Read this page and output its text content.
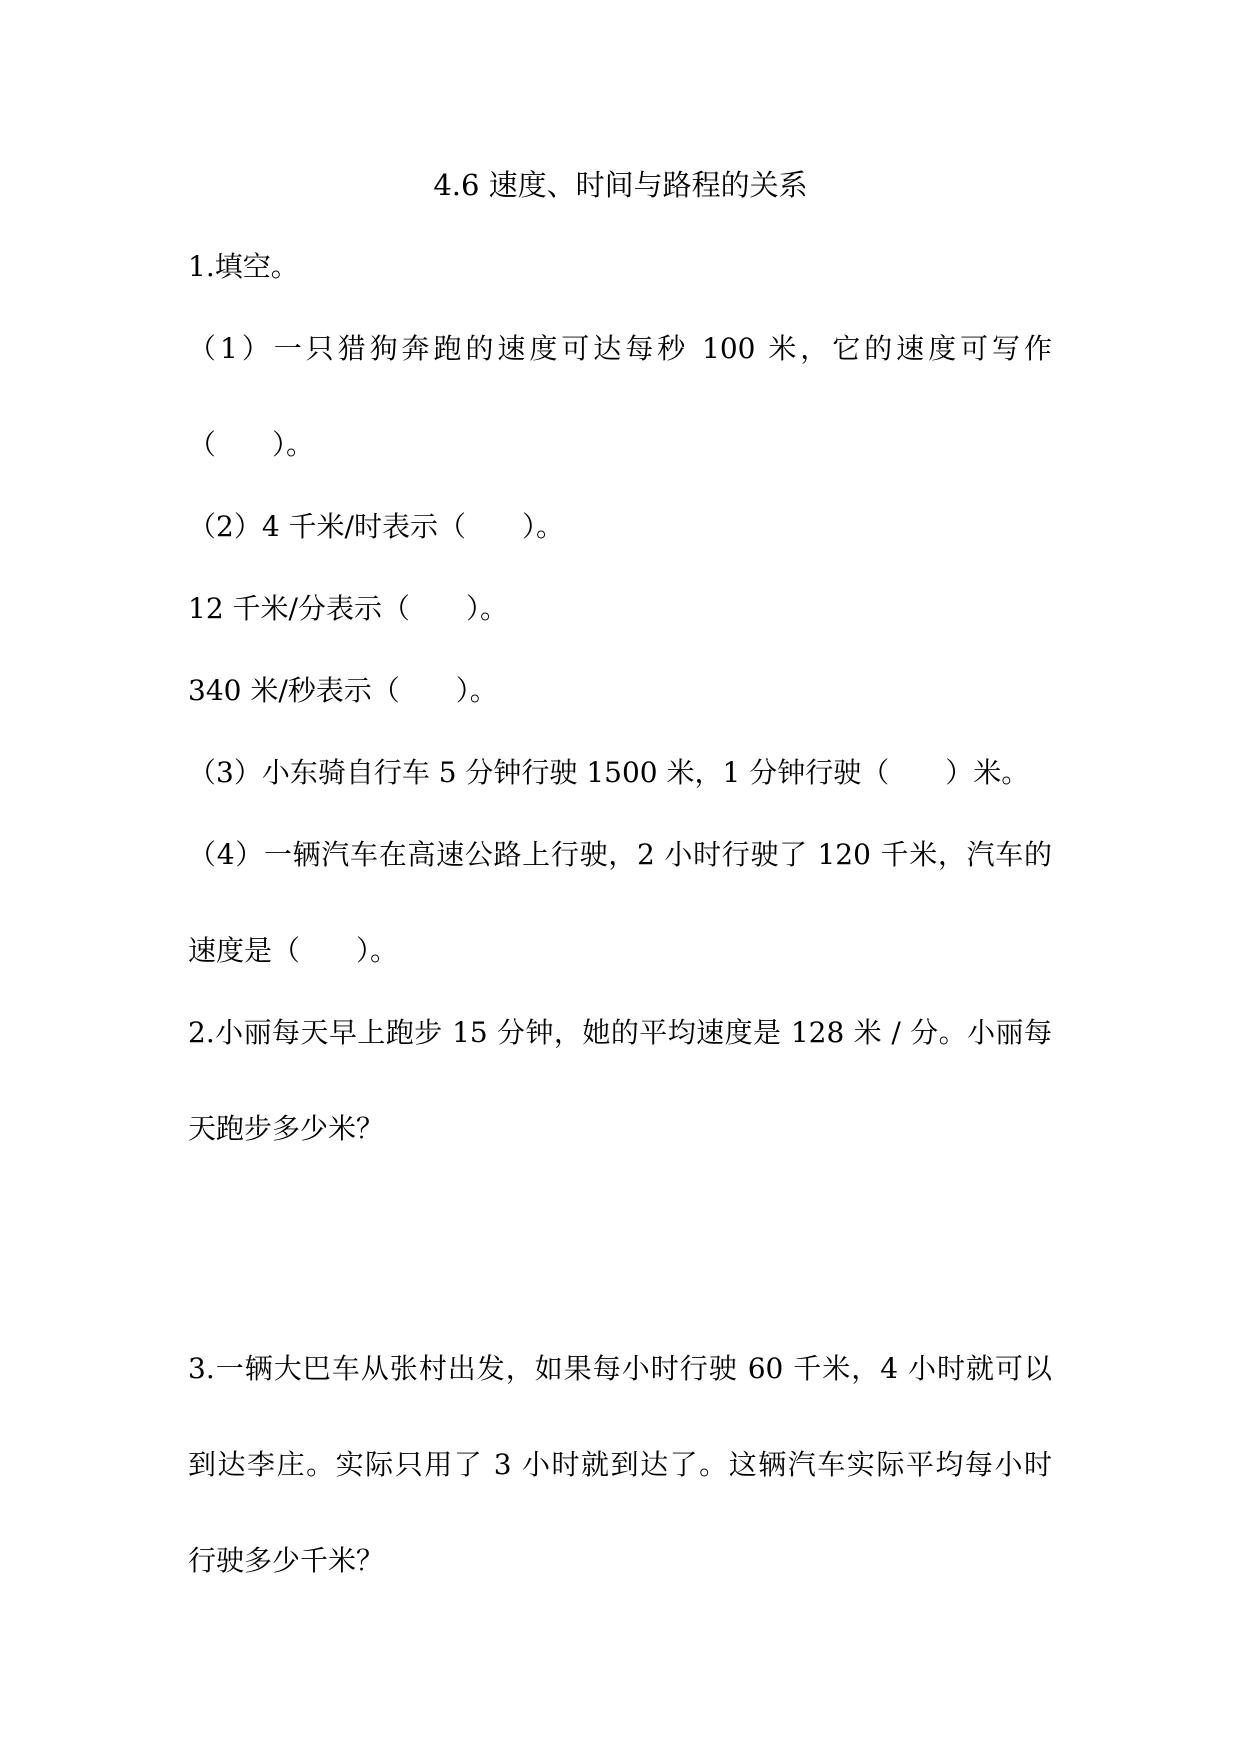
4.6 速度、时间与路程的关系
1.填空。
（1）一只猎狗奔跑的速度可达每秒 100 米，它的速度可写作
（　　）。
（2）4 千米/时表示（　　）。
12 千米/分表示（　　）。
340 米/秒表示（　　）。
（3）小东骑自行车 5 分钟行驶 1500 米，1 分钟行驶（　　）米。
（4）一辆汽车在高速公路上行驶，2 小时行驶了 120 千米，汽车的
速度是（　　）。
2.小丽每天早上跑步 15 分钟，她的平均速度是 128 米 / 分。小丽每
天跑步多少米？
3.一辆大巴车从张村出发，如果每小时行驶 60 千米，4 小时就可以
到达李庄。实际只用了 3 小时就到达了。这辆汽车实际平均每小时
行驶多少千米？
